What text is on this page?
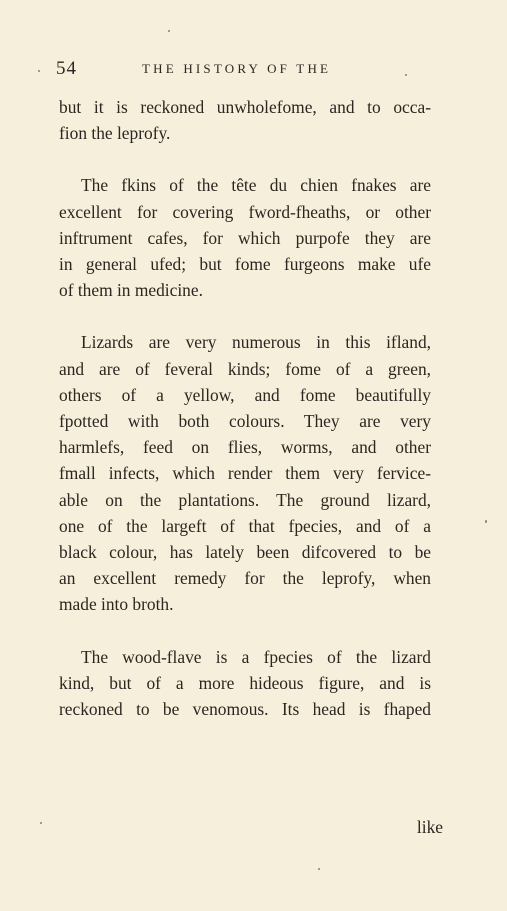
54	THE HISTORY OF THE
but it is reckoned unwholefome, and to occa-
fion the leprofy.
The fkins of the tête du chien fnakes are
excellent for covering fword-fheaths, or other
inftrument cafes, for which purpofe they are
in general ufed; but fome furgeons make ufe
of them in medicine.
Lizards are very numerous in this ifland,
and are of feveral kinds; fome of a green,
others of a yellow, and fome beautifully
fpotted with both colours. They are very
harmlefs, feed on flies, worms, and other
fmall infects, which render them very fervice-
able on the plantations. The ground lizard,
one of the largeft of that fpecies, and of a
black colour, has lately been difcovered to be
an excellent remedy for the leprofy, when
made into broth.
The wood-flave is a fpecies of the lizard
kind, but of a more hideous figure, and is
reckoned to be venomous. Its head is fhaped
like
